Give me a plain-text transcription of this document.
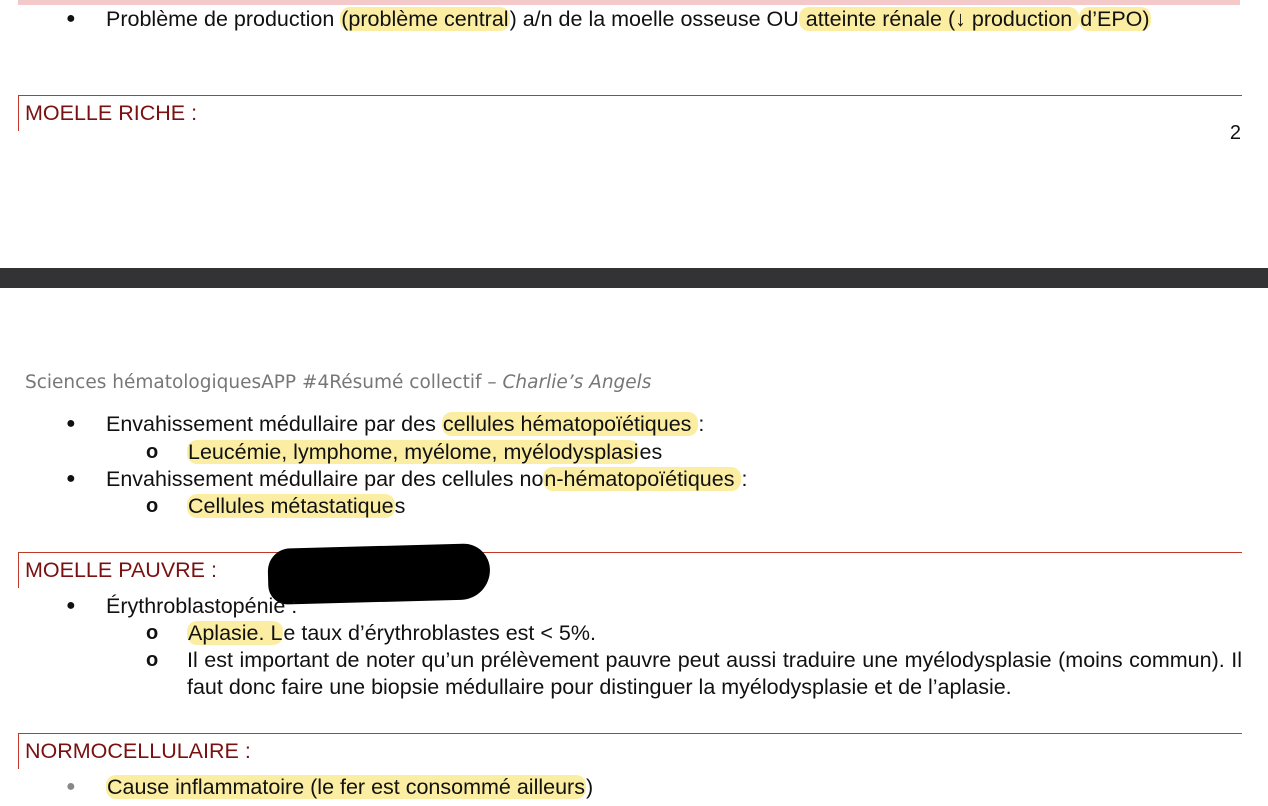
● Problème de production (problème central) a/n de la moelle osseuse OU atteinte rénale (↓ production d’EPO)
MOELLE RICHE :
2
Sciences hématologiquesAPP #4Résumé collectif – Charlie’s Angels
● Envahissement médullaire par des cellules hématopoïétiques :
o Leucémie, lymphome, myélome, myélodysplasies
● Envahissement médullaire par des cellules non-hématopoïétiques :
o Cellules métastatiques
MOELLE PAUVRE :
● Érythroblastopénie :
o Aplasie. Le taux d’érythroblastes est < 5%.
o Il est important de noter qu’un prélèvement pauvre peut aussi traduire une myélodysplasie (moins commun). Il faut donc faire une biopsie médullaire pour distinguer la myélodysplasie et de l’aplasie.
NORMOCELLULAIRE :
● Cause inflammatoire (le fer est consommé ailleurs)
